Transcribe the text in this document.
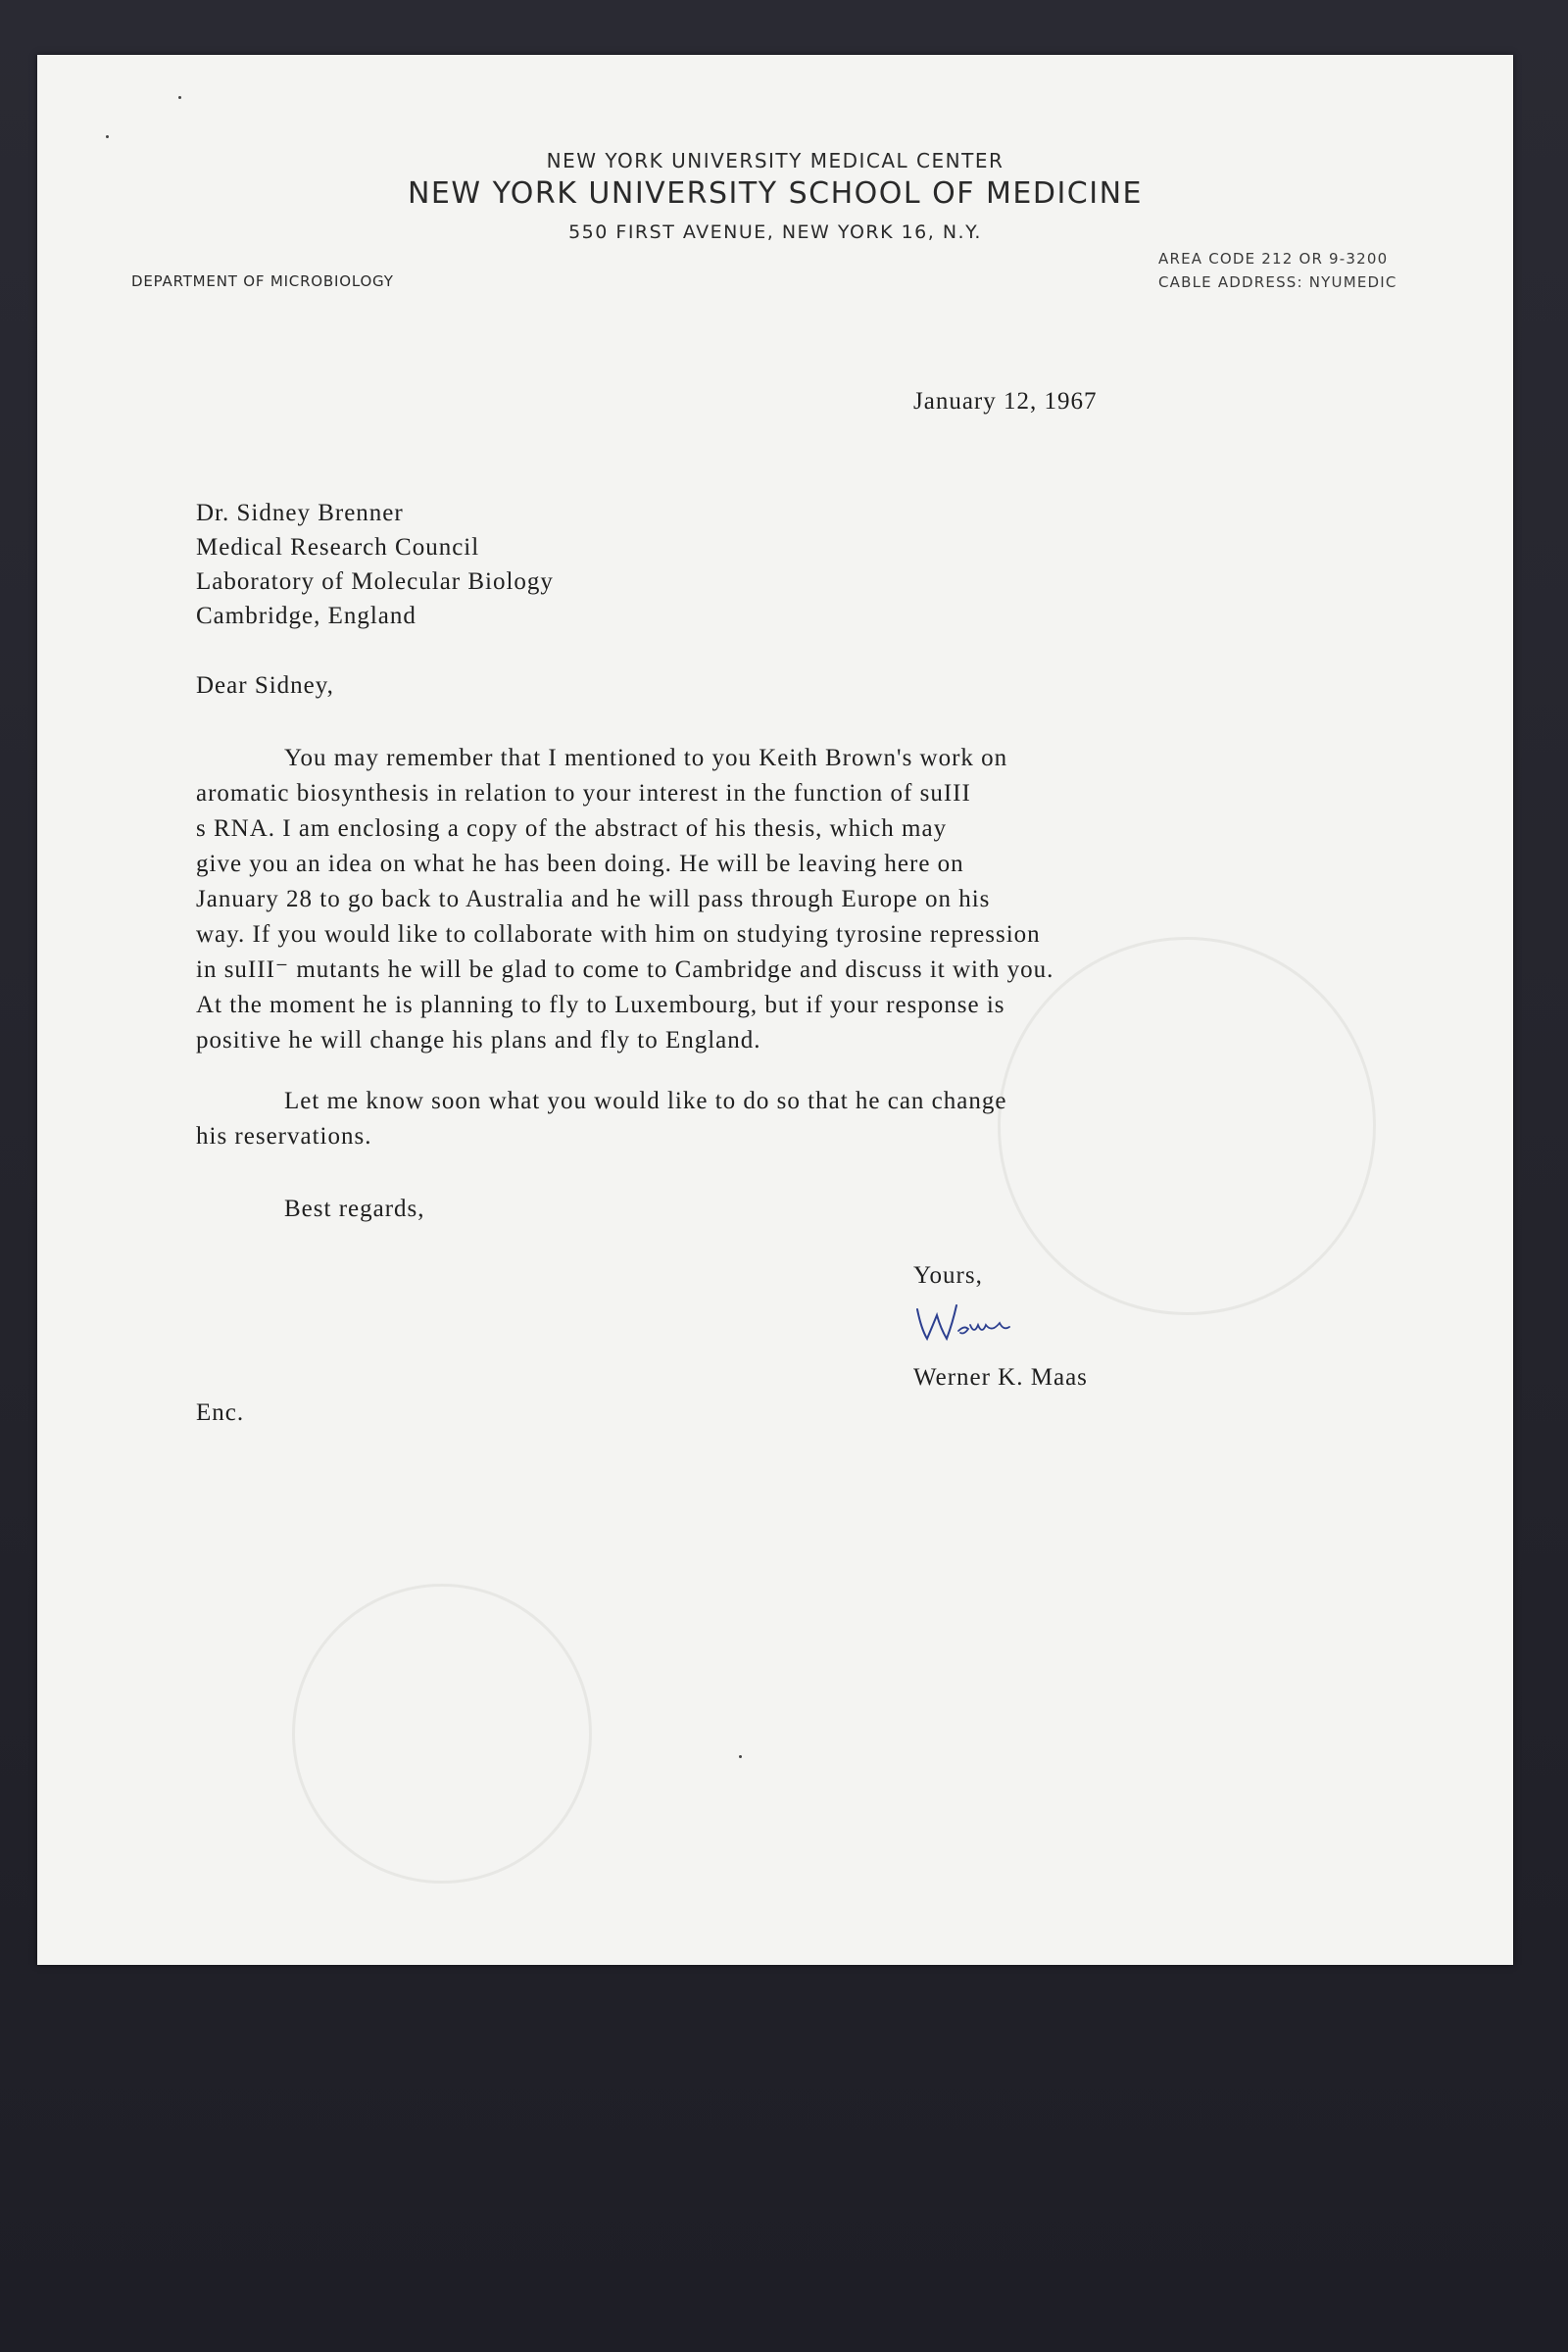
NEW YORK UNIVERSITY MEDICAL CENTER
NEW YORK UNIVERSITY SCHOOL OF MEDICINE
550 FIRST AVENUE, NEW YORK 16, N.Y.
DEPARTMENT OF MICROBIOLOGY
AREA CODE 212 OR 9-3200
CABLE ADDRESS: NYUMEDIC
January 12, 1967
Dr. Sidney Brenner
Medical Research Council
Laboratory of Molecular Biology
Cambridge, England
Dear Sidney,
You may remember that I mentioned to you Keith Brown's work on
aromatic biosynthesis in relation to your interest in the function of suIII
s RNA. I am enclosing a copy of the abstract of his thesis, which may
give you an idea on what he has been doing. He will be leaving here on
January 28 to go back to Australia and he will pass through Europe on his
way. If you would like to collaborate with him on studying tyrosine repression
in suIII⁻ mutants he will be glad to come to Cambridge and discuss it with you.
At the moment he is planning to fly to Luxembourg, but if your response is
positive he will change his plans and fly to England.
Let me know soon what you would like to do so that he can change
his reservations.
Best regards,
Yours,
Werner K. Maas
Enc.
